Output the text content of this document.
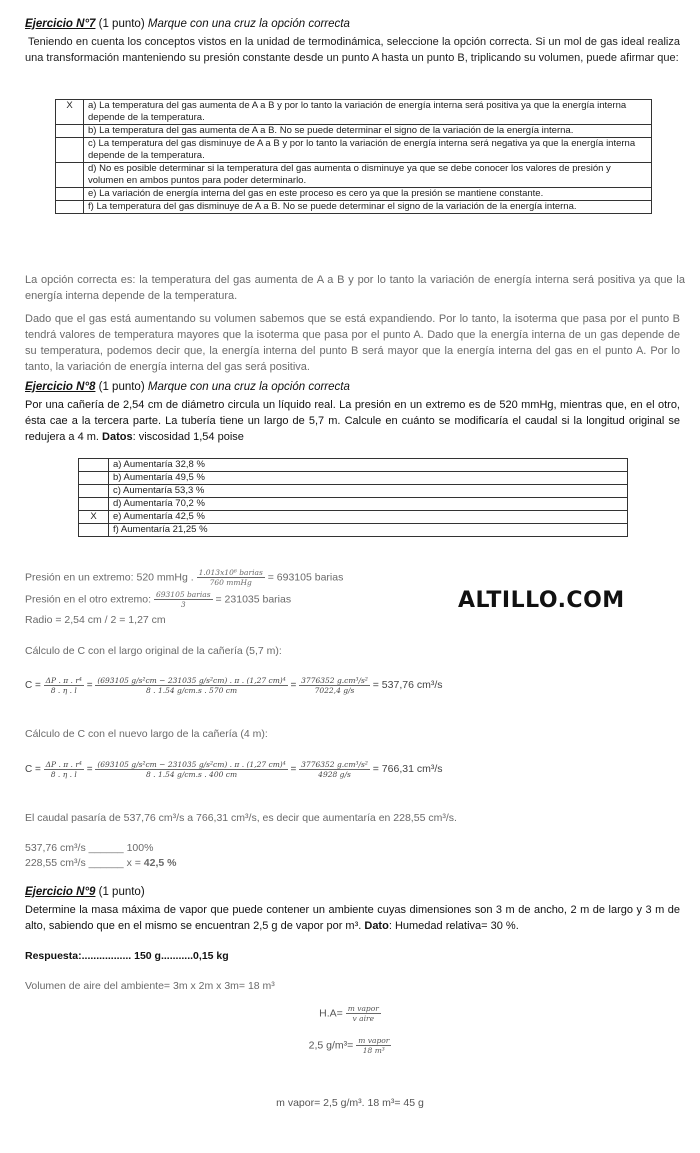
Ejercicio N°7 (1 punto) Marque con una cruz la opción correcta
Teniendo en cuenta los conceptos vistos en la unidad de termodinámica, seleccione la opción correcta. Si un mol de gas ideal realiza una transformación manteniendo su presión constante desde un punto A hasta un punto B, triplicando su volumen, puede afirmar que:
X	a) La temperatura del gas aumenta de A a B y por lo tanto la variación de energía interna será positiva ya que la energía interna depende de la temperatura.
	b) La temperatura del gas aumenta de A a B. No se puede determinar el signo de la variación de la energía interna.
	c) La temperatura del gas disminuye de A a B y por lo tanto la variación de energía interna será negativa ya que la energía interna depende de la temperatura.
	d) No es posible determinar si la temperatura del gas aumenta o disminuye ya que se debe conocer los valores de presión y volumen en ambos puntos para poder determinarlo.
	e) La variación de energía interna del gas en este proceso es cero ya que la presión se mantiene constante.
	f) La temperatura del gas disminuye de A a B. No se puede determinar el signo de la variación de la energía interna.
La opción correcta es: la temperatura del gas aumenta de A a B y por lo tanto la variación de energía interna será positiva ya que la energía interna depende de la temperatura.
Dado que el gas está aumentando su volumen sabemos que se está expandiendo. Por lo tanto, la isoterma que pasa por el punto B tendrá valores de temperatura mayores que la isoterma que pasa por el punto A. Dado que la energía interna de un gas depende de su temperatura, podemos decir que, la energía interna del punto B será mayor que la energía interna del gas en el punto A. Por lo tanto, la variación de energía interna del gas será positiva.
Ejercicio N°8 (1 punto) Marque con una cruz la opción correcta
Por una cañería de 2,54 cm de diámetro circula un líquido real. La presión en un extremo es de 520 mmHg, mientras que, en el otro, ésta cae a la tercera parte. La tubería tiene un largo de 5,7 m. Calcule en cuánto se modificaría el caudal si la longitud original se redujera a 4 m. Datos: viscosidad 1,54 poise
	a) Aumentaría 32,8 %
	b) Aumentaría 49,5 %
	c) Aumentaría 53,3 %
	d) Aumentaría 70,2 %
X	e) Aumentaría 42,5 %
	f) Aumentaría 21,25 %
Presión en un extremo: 520 mmHg . $\frac{\text{1.013x10⁶ barias}}{\text{760 mmHg}} = 693105$ barias
Presión en el otro extremo: $\frac{\text{693105 barias}}{3} = 231035$ barias	ALTILLO.COM
Radio = 2,54 cm / 2 = 1,27 cm
Cálculo de C con el largo original de la cañería (5,7 m):
$C = \frac{\text{ΔP . π . r⁴}}{8 . \eta . l} = \frac{\text{(693105 g/s²cm − 231035 g/s²cm) . π . (1,27 cm)⁴}}{8 . 1.54 g/cm.s . 570 cm} = \frac{\text{3776352 g.cm³/s²}}{7022,4 g/s} = 537,76$ cm³/s
Cálculo de C con el nuevo largo de la cañería (4 m):
$C = \frac{\text{ΔP . π . r⁴}}{8 . \eta . l} = \frac{\text{(693105 g/s²cm − 231035 g/s²cm) . π . (1,27 cm)⁴}}{8 . 1.54 g/cm.s . 400 cm} = \frac{\text{3776352 g.cm³/s²}}{4928 g/s} = 766,31$ cm³/s
El caudal pasaría de 537,76 cm³/s a 766,31 cm³/s, es decir que aumentaría en 228,55 cm³/s.
537,76 cm³/s ______ 100%
228,55 cm³/s ______ x = 42,5 %
Ejercicio N°9 (1 punto)
Determine la masa máxima de vapor que puede contener un ambiente cuyas dimensiones son 3 m de ancho, 2 m de largo y 3 m de alto, sabiendo que en el mismo se encuentran 2,5 g de vapor por m³. Dato: Humedad relativa= 30 %.
Respuesta:................. 150 g...........0,15 kg
Volumen de aire del ambiente= 3m x 2m x 3m= 18 m³
$H.A= \frac{\text{m vapor}}{\text{v aire}}$
2,5 $g/m^3= \frac{\text{m vapor}}{\text{18 m³}}$
m vapor= 2,5 g/m³. 18 m³= 45 g
